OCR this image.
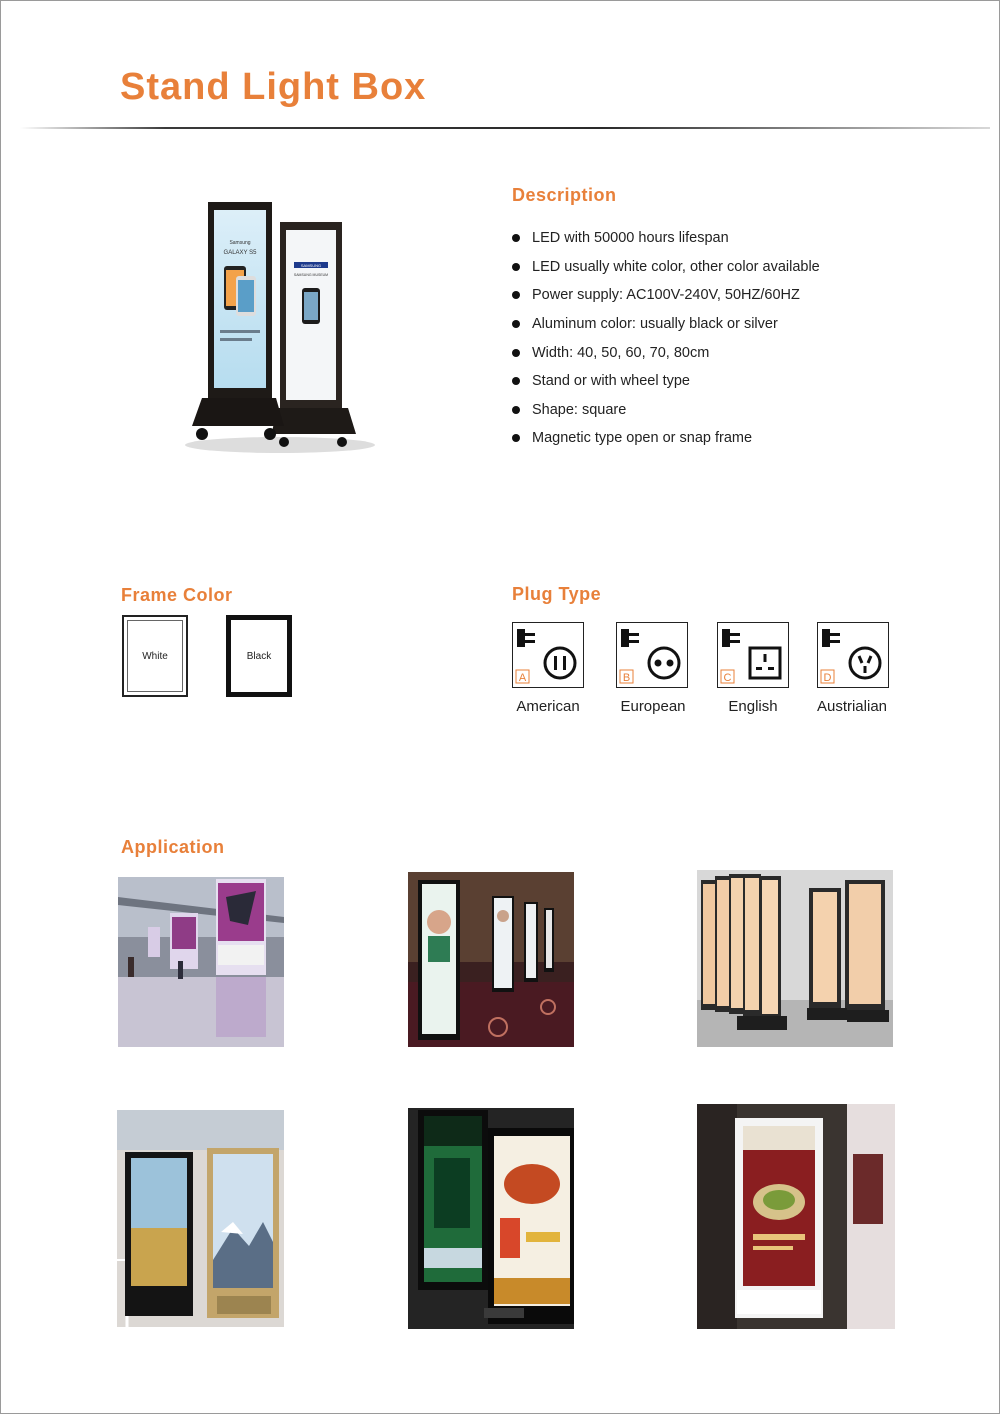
Stand Light Box
SAMSUNG
SAMSUNG MUSEUM
Samsung
GALAXY S5
Description
LED with 50000 hours lifespan
LED usually white color, other color available
Power supply: AC100V-240V, 50HZ/60HZ
Aluminum color: usually black or silver
Width: 40, 50, 60, 70, 80cm
Stand or with wheel type
Shape: square
Magnetic type open or snap frame
Frame Color
White	Black
Plug Type
A	B	C	D
American	European	English	Austrialian
Application
